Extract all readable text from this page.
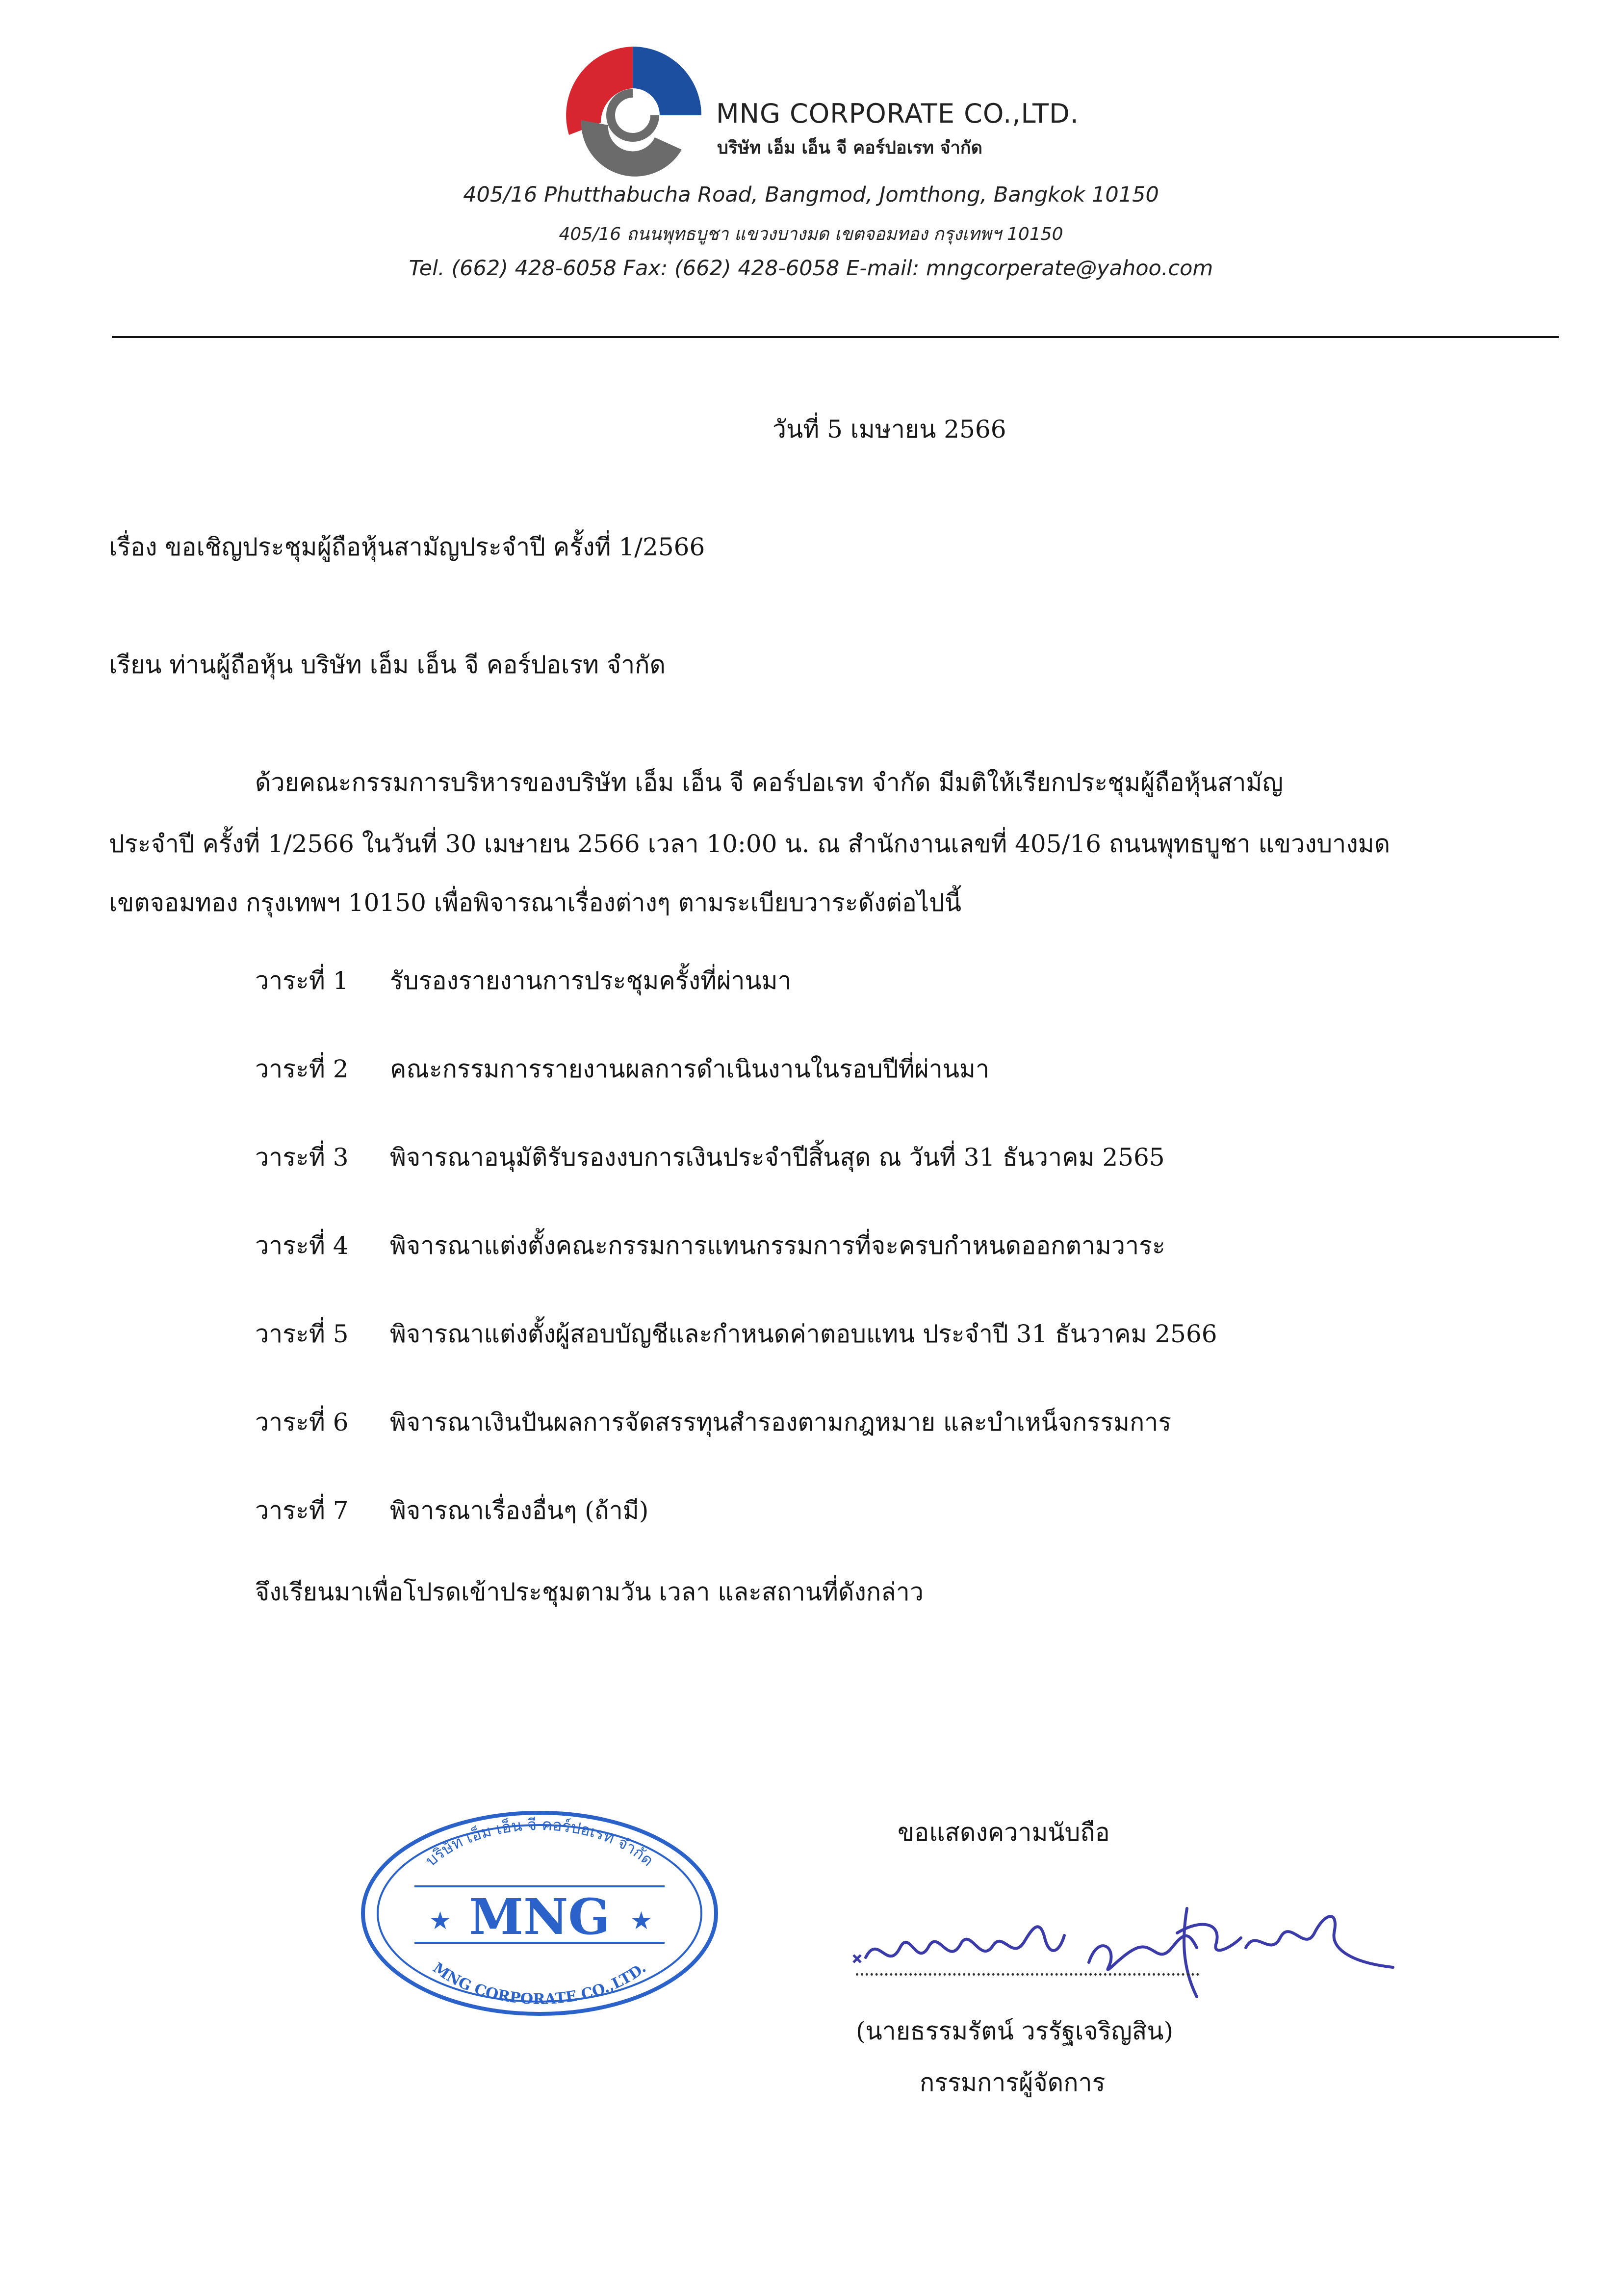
MNG CORPORATE CO.,LTD.
บริษัท เอ็ม เอ็น จี คอร์ปอเรท จำกัด
405/16 Phutthabucha Road, Bangmod, Jomthong, Bangkok 10150
405/16 ถนนพุทธบูชา แขวงบางมด เขตจอมทอง กรุงเทพฯ 10150
Tel. (662) 428-6058 Fax: (662) 428-6058 E-mail: mngcorperate@yahoo.com
วันที่ 5 เมษายน 2566
เรื่อง ขอเชิญประชุมผู้ถือหุ้นสามัญประจำปี ครั้งที่ 1/2566
เรียน ท่านผู้ถือหุ้น บริษัท เอ็ม เอ็น จี คอร์ปอเรท จำกัด
ด้วยคณะกรรมการบริหารของบริษัท เอ็ม เอ็น จี คอร์ปอเรท จำกัด มีมติให้เรียกประชุมผู้ถือหุ้นสามัญ
ประจำปี ครั้งที่ 1/2566 ในวันที่ 30 เมษายน 2566 เวลา 10:00 น. ณ สำนักงานเลขที่ 405/16 ถนนพุทธบูชา แขวงบางมด
เขตจอมทอง กรุงเทพฯ 10150 เพื่อพิจารณาเรื่องต่างๆ ตามระเบียบวาระดังต่อไปนี้
วาระที่ 1 รับรองรายงานการประชุมครั้งที่ผ่านมา
วาระที่ 2 คณะกรรมการรายงานผลการดำเนินงานในรอบปีที่ผ่านมา
วาระที่ 3 พิจารณาอนุมัติรับรองงบการเงินประจำปีสิ้นสุด ณ วันที่ 31 ธันวาคม 2565
วาระที่ 4 พิจารณาแต่งตั้งคณะกรรมการแทนกรรมการที่จะครบกำหนดออกตามวาระ
วาระที่ 5 พิจารณาแต่งตั้งผู้สอบบัญชีและกำหนดค่าตอบแทน ประจำปี 31 ธันวาคม 2566
วาระที่ 6 พิจารณาเงินปันผลการจัดสรรทุนสำรองตามกฎหมาย และบำเหน็จกรรมการ
วาระที่ 7 พิจารณาเรื่องอื่นๆ (ถ้ามี)
จึงเรียนมาเพื่อโปรดเข้าประชุมตามวัน เวลา และสถานที่ดังกล่าว
บริษัท เอ็ม เอ็น จี คอร์ปอเรท จำกัด
MNG CORPORATE CO.,LTD.
★	★
MNG
ขอแสดงความนับถือ
(นายธรรมรัตน์ วรรัฐเจริญสิน)
กรรมการผู้จัดการ
